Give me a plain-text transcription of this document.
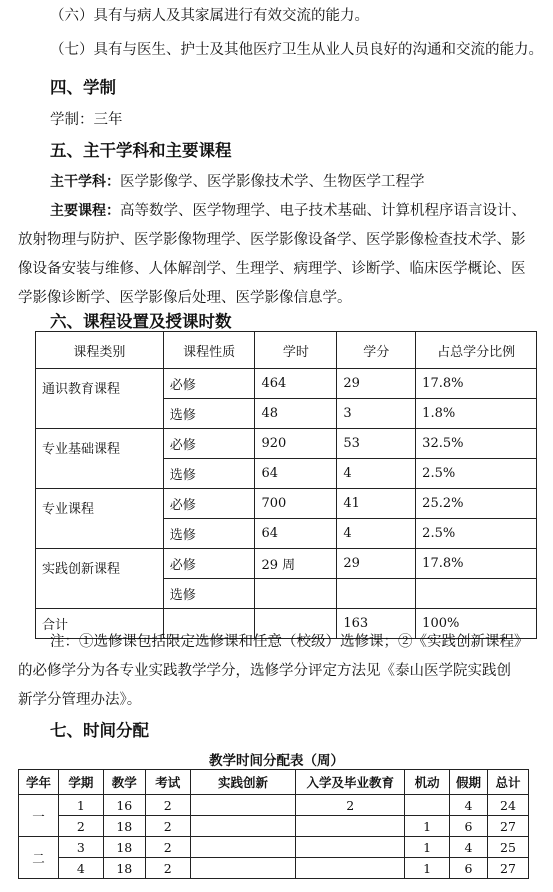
（六）具有与病人及其家属进行有效交流的能力。
（七）具有与医生、护士及其他医疗卫生从业人员良好的沟通和交流的能力。
四、学制
学制：三年
五、主干学科和主要课程
主干学科：医学影像学、医学影像技术学、生物医学工程学
主要课程：高等数学、医学物理学、电子技术基础、计算机程序语言设计、
放射物理与防护、医学影像物理学、医学影像设备学、医学影像检查技术学、影
像设备安装与维修、人体解剖学、生理学、病理学、诊断学、临床医学概论、医
学影像诊断学、医学影像后处理、医学影像信息学。
六、课程设置及授课时数
课程类别	课程性质	学时	学分	占总学分比例
通识教育课程	必修	464	29	17.8%
	选修	48	3	1.8%
专业基础课程	必修	920	53	32.5%
	选修	64	4	2.5%
专业课程	必修	700	41	25.2%
	选修	64	4	2.5%
实践创新课程	必修	29 周	29	17.8%
	选修			
合计			163	100%
注：①选修课包括限定选修课和任意（校级）选修课；②《实践创新课程》
的必修学分为各专业实践教学学分，选修学分评定方法见《泰山医学院实践创
新学分管理办法》。
七、时间分配
教学时间分配表（周）
学年	学期	教学	考试	实践创新	入学及毕业教育	机动	假期	总计
一	1	16	2		2		4	24
	2	18	2			1	6	27
二	3	18	2			1	4	25
	4	18	2			1	6	27
